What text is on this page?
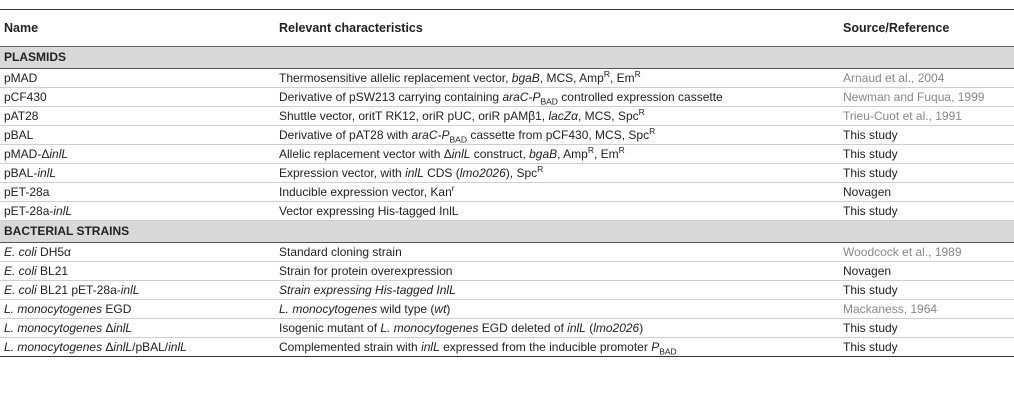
Name	Relevant characteristics	Source/Reference
PLASMIDS		
pMAD	Thermosensitive allelic replacement vector, bgaB, MCS, Amp$^R$, $Em^R$	Arnaud et al., 2004
pCF430	Derivative of pSW213 carrying containing araC-$P_{BAD}$ controlled expression cassette	Newman and Fuqua, 1999
pAT28	Shuttle vector, oritT RK12, oriR pUC, oriR pAMβ1, lacZα, MCS, Spc$^R$	Trieu-Cuot et al., 1991
pBAL	Derivative of pAT28 with araC-$P_{BAD}$ cassette from pCF430, MCS, Spc$^R$	This study
pMAD-ΔinlL	Allelic replacement vector with ΔinlL construct, bgaB, Amp$^R$, $Em^R$	This study
pBAL-inlL	Expression vector, with inlL CDS (lmo2026), Spc$^R$	This study
pET-28a	Inducible expression vector, Kan$^r$	Novagen
pET-28a-inlL	Vector expressing His-tagged InlL	This study
BACTERIAL STRAINS		
E. coli DH5α	Standard cloning strain	Woodcock et al., 1989
E. coli BL21	Strain for protein overexpression	Novagen
E. coli BL21 pET-28a-inlL	Strain expressing His-tagged InlL	This study
L. monocytogenes EGD	L. monocytogenes wild type (wt)	Mackaness, 1964
L. monocytogenes ΔinlL	Isogenic mutant of L. monocytogenes EGD deleted of inlL (lmo2026)	This study
L. monocytogenes ΔinlL/pBAL/inlL	Complemented strain with inlL expressed from the inducible promoter $P_{BAD}$	This study
